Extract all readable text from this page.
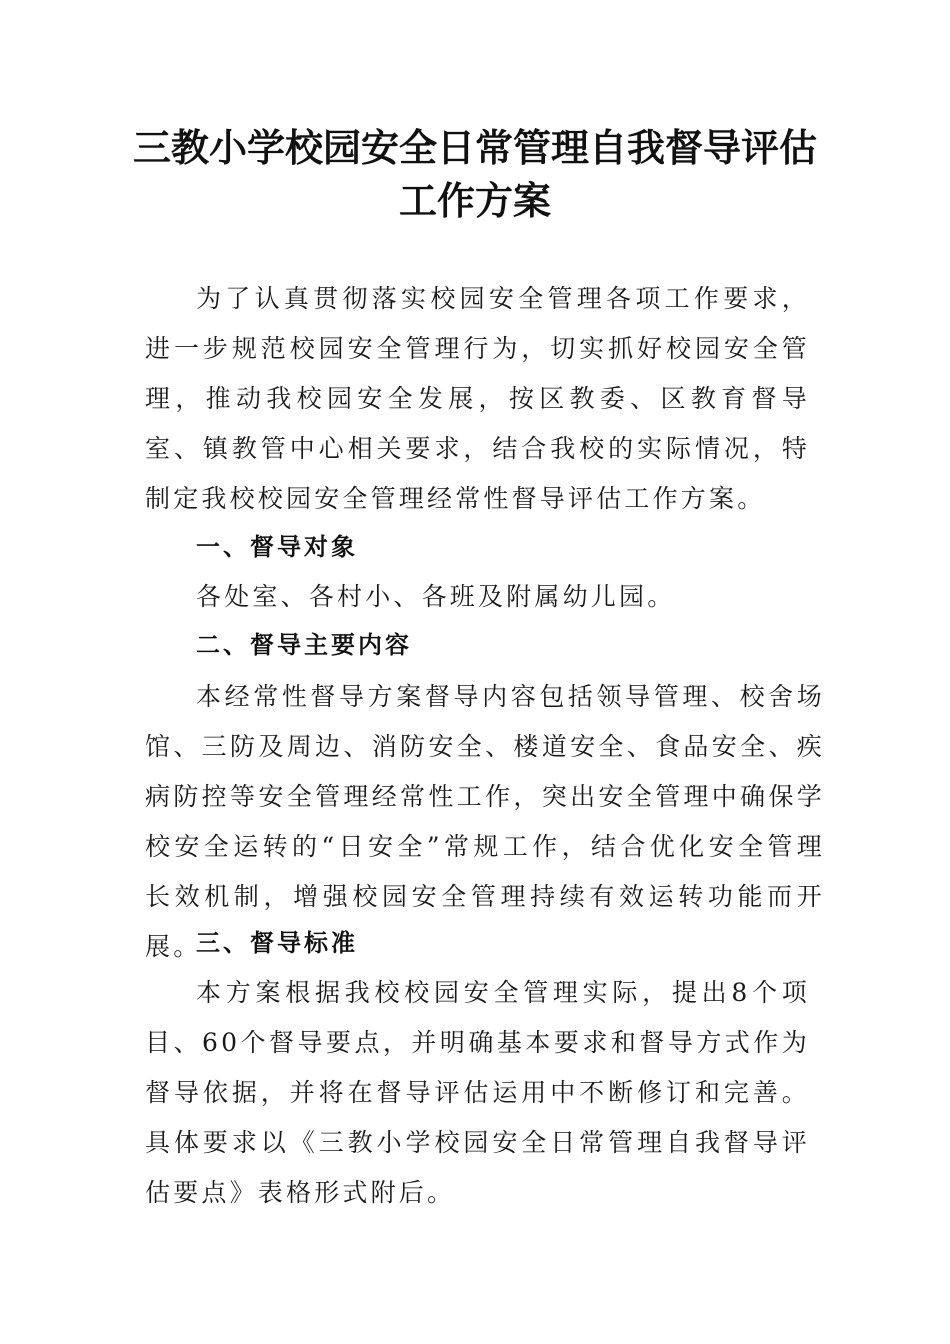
三教小学校园安全日常管理自我督导评估
工作方案
为了认真贯彻落实校园安全管理各项工作要求，进一步规范校园安全管理行为，切实抓好校园安全管理，推动我校园安全发展，按区教委、区教育督导室、镇教管中心相关要求，结合我校的实际情况，特制定我校校园安全管理经常性督导评估工作方案。
一、督导对象
各处室、各村小、各班及附属幼儿园。
二、督导主要内容
本经常性督导方案督导内容包括领导管理、校舍场馆、三防及周边、消防安全、楼道安全、食品安全、疾病防控等安全管理经常性工作，突出安全管理中确保学校安全运转的“日安全”常规工作，结合优化安全管理长效机制，增强校园安全管理持续有效运转功能而开展。
三、督导标准
本方案根据我校校园安全管理实际，提出8个项目、60个督导要点，并明确基本要求和督导方式作为督导依据，并将在督导评估运用中不断修订和完善。具体要求以《三教小学校园安全日常管理自我督导评估要点》表格形式附后。
